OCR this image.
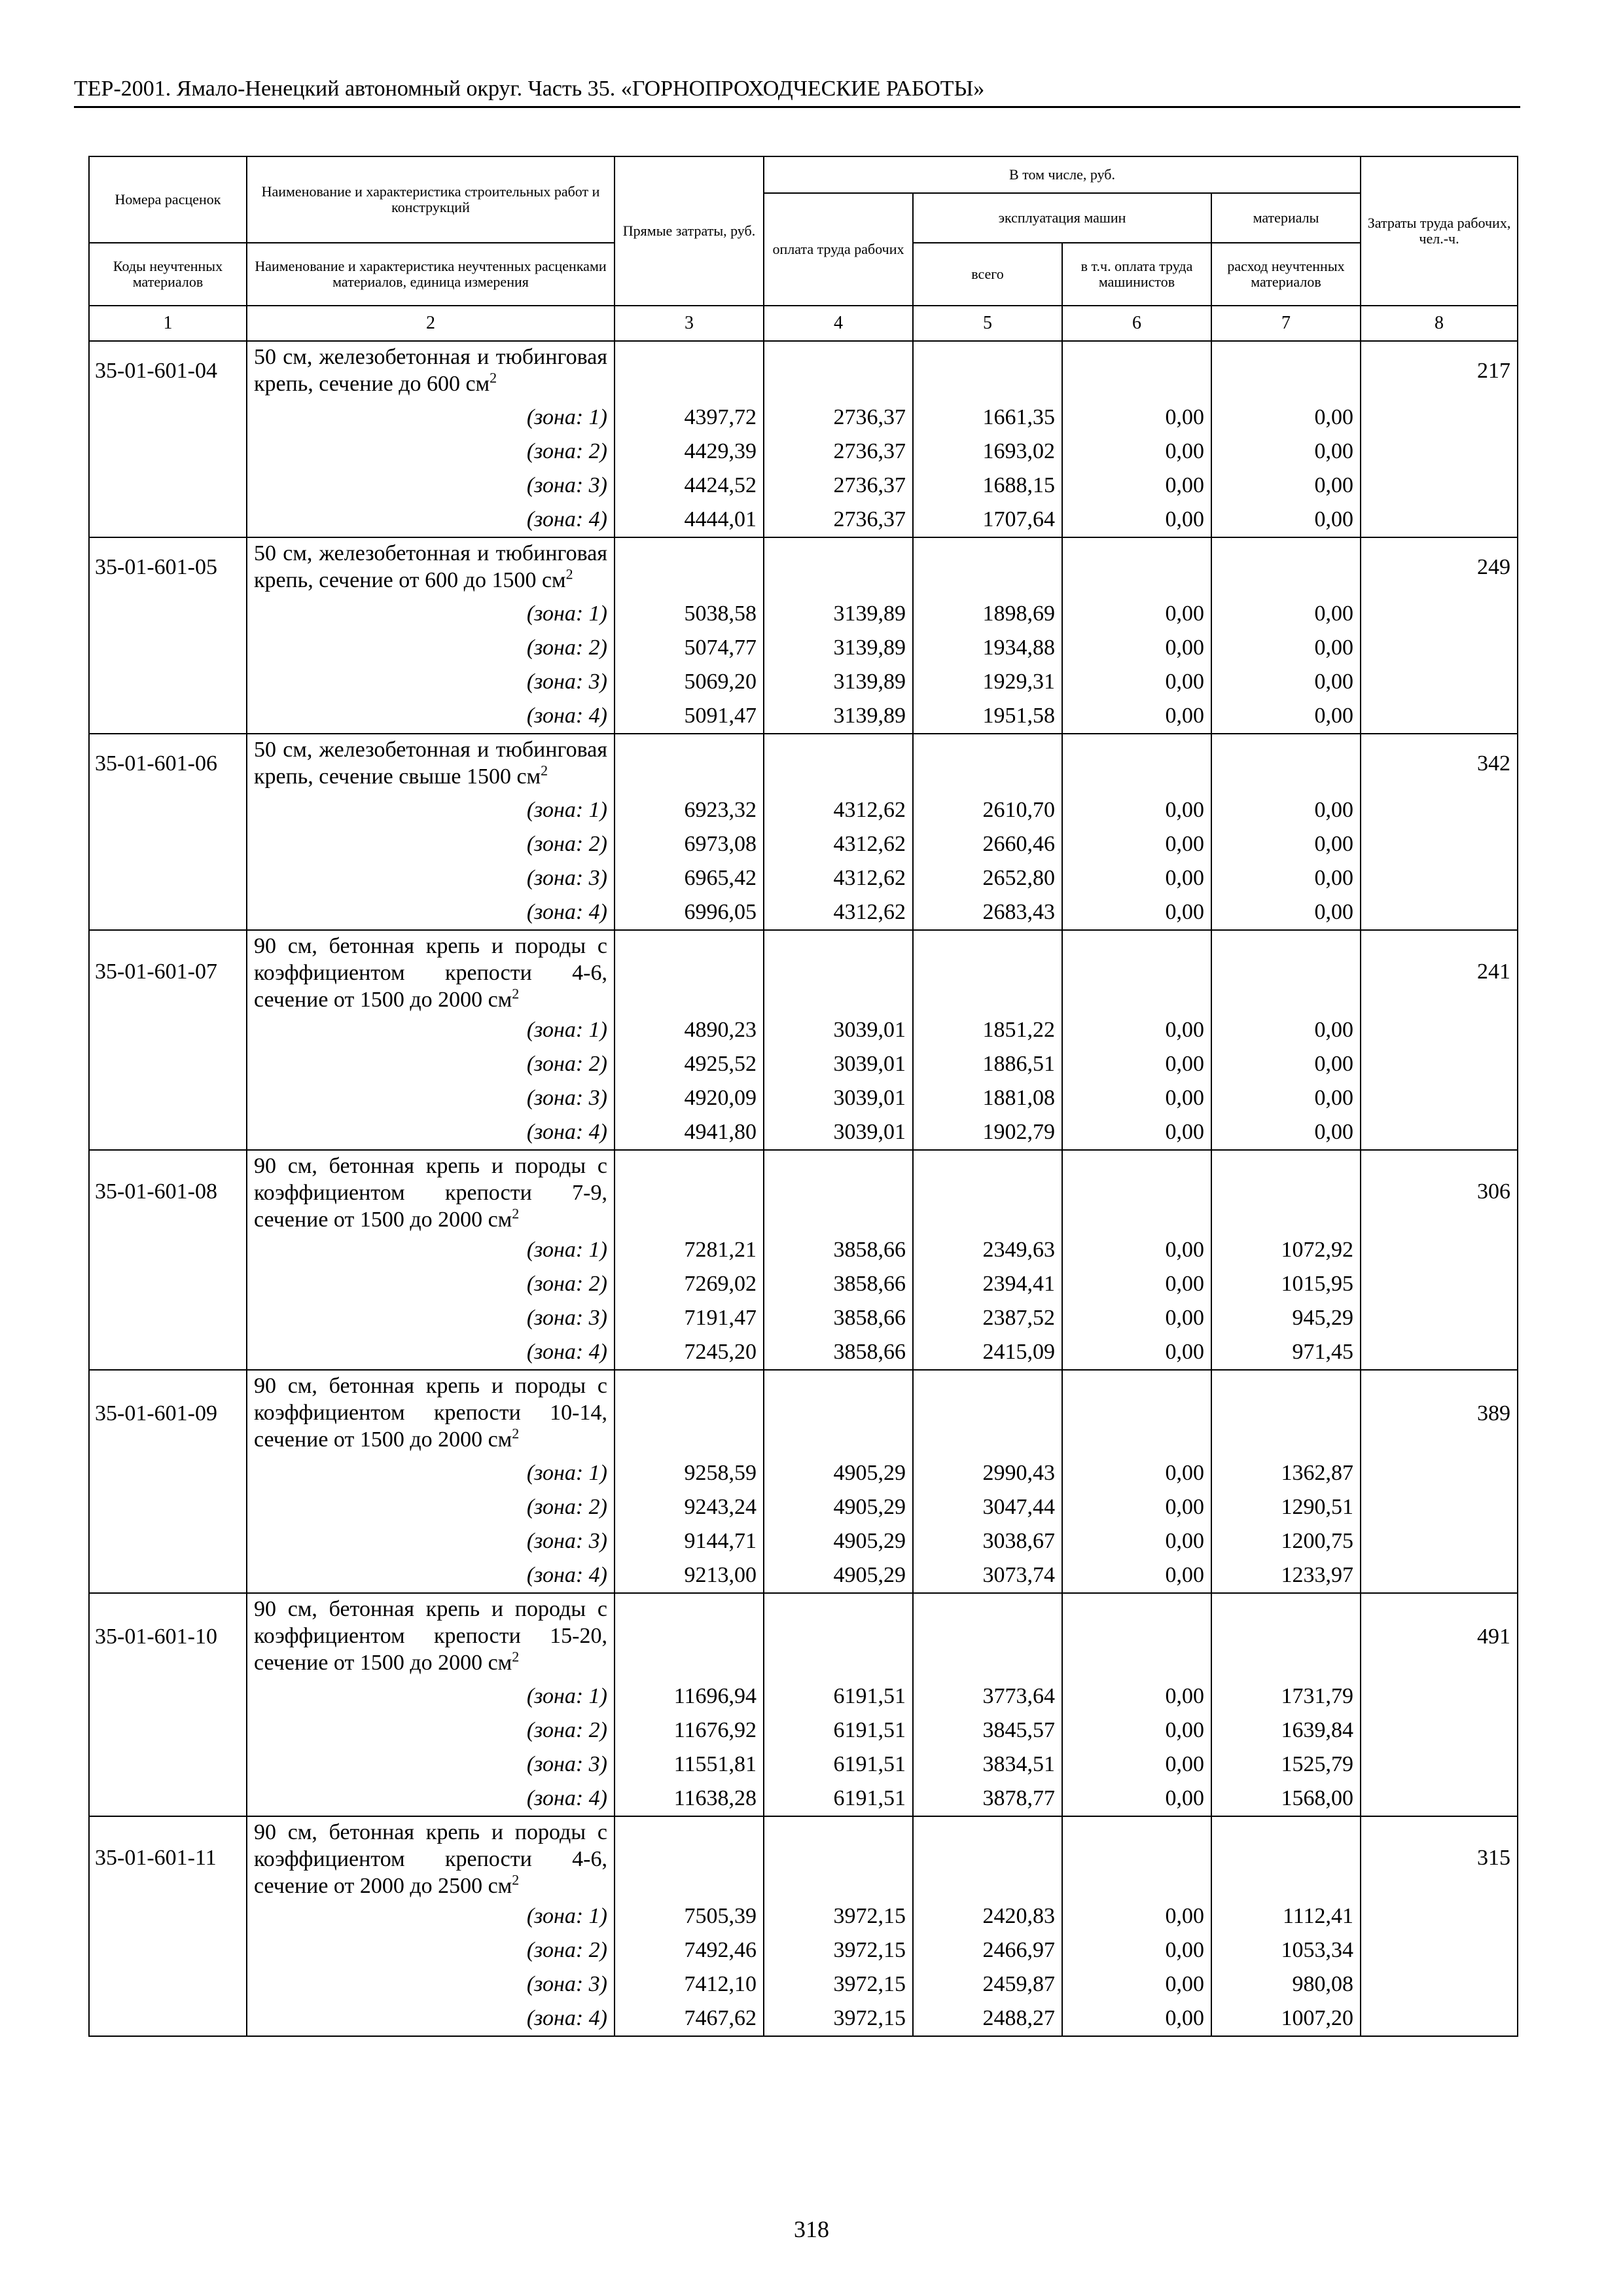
ТЕР-2001. Ямало-Ненецкий автономный округ. Часть 35. «ГОРНОПРОХОДЧЕСКИЕ РАБОТЫ»
Номера расценок	Наименование и характеристика строительных работ и конструкций	Прямые затраты, руб.	В том числе, руб.				Затраты труда рабочих, чел.-ч.
			оплата труда рабочих	эксплуатация машин		материалы	
Коды неучтенных материалов	Наименование и характеристика неучтенных расценками материалов, единица измерения			всего	в т.ч. оплата труда машинистов	расход неучтенных материалов	
1	2	3	4	5	6	7	8
35-01-601-04	50 см, железобетонная и тюбинговая крепь, сечение до 600 $см^2$						217
	(зона: 1)	4397,72	2736,37	1661,35	0,00	0,00	
	(зона: 2)	4429,39	2736,37	1693,02	0,00	0,00	
	(зона: 3)	4424,52	2736,37	1688,15	0,00	0,00	
	(зона: 4)	4444,01	2736,37	1707,64	0,00	0,00	
35-01-601-05	50 см, железобетонная и тюбинговая крепь, сечение от 600 до 1500 $см^2$						249
	(зона: 1)	5038,58	3139,89	1898,69	0,00	0,00	
	(зона: 2)	5074,77	3139,89	1934,88	0,00	0,00	
	(зона: 3)	5069,20	3139,89	1929,31	0,00	0,00	
	(зона: 4)	5091,47	3139,89	1951,58	0,00	0,00	
35-01-601-06	50 см, железобетонная и тюбинговая крепь, сечение свыше 1500 $см^2$						342
	(зона: 1)	6923,32	4312,62	2610,70	0,00	0,00	
	(зона: 2)	6973,08	4312,62	2660,46	0,00	0,00	
	(зона: 3)	6965,42	4312,62	2652,80	0,00	0,00	
	(зона: 4)	6996,05	4312,62	2683,43	0,00	0,00	
35-01-601-07	90 см, бетонная крепь и породы с коэффициентом крепости 4-6, сечение от 1500 до 2000 $см^2$						241
	(зона: 1)	4890,23	3039,01	1851,22	0,00	0,00	
	(зона: 2)	4925,52	3039,01	1886,51	0,00	0,00	
	(зона: 3)	4920,09	3039,01	1881,08	0,00	0,00	
	(зона: 4)	4941,80	3039,01	1902,79	0,00	0,00	
35-01-601-08	90 см, бетонная крепь и породы с коэффициентом крепости 7-9, сечение от 1500 до 2000 $см^2$						306
	(зона: 1)	7281,21	3858,66	2349,63	0,00	1072,92	
	(зона: 2)	7269,02	3858,66	2394,41	0,00	1015,95	
	(зона: 3)	7191,47	3858,66	2387,52	0,00	945,29	
	(зона: 4)	7245,20	3858,66	2415,09	0,00	971,45	
35-01-601-09	90 см, бетонная крепь и породы с коэффициентом крепости 10-14, сечение от 1500 до 2000 $см^2$						389
	(зона: 1)	9258,59	4905,29	2990,43	0,00	1362,87	
	(зона: 2)	9243,24	4905,29	3047,44	0,00	1290,51	
	(зона: 3)	9144,71	4905,29	3038,67	0,00	1200,75	
	(зона: 4)	9213,00	4905,29	3073,74	0,00	1233,97	
35-01-601-10	90 см, бетонная крепь и породы с коэффициентом крепости 15-20, сечение от 1500 до 2000 $см^2$						491
	(зона: 1)	11696,94	6191,51	3773,64	0,00	1731,79	
	(зона: 2)	11676,92	6191,51	3845,57	0,00	1639,84	
	(зона: 3)	11551,81	6191,51	3834,51	0,00	1525,79	
	(зона: 4)	11638,28	6191,51	3878,77	0,00	1568,00	
35-01-601-11	90 см, бетонная крепь и породы с коэффициентом крепости 4-6, сечение от 2000 до 2500 $см^2$						315
	(зона: 1)	7505,39	3972,15	2420,83	0,00	1112,41	
	(зона: 2)	7492,46	3972,15	2466,97	0,00	1053,34	
	(зона: 3)	7412,10	3972,15	2459,87	0,00	980,08	
	(зона: 4)	7467,62	3972,15	2488,27	0,00	1007,20	
318
